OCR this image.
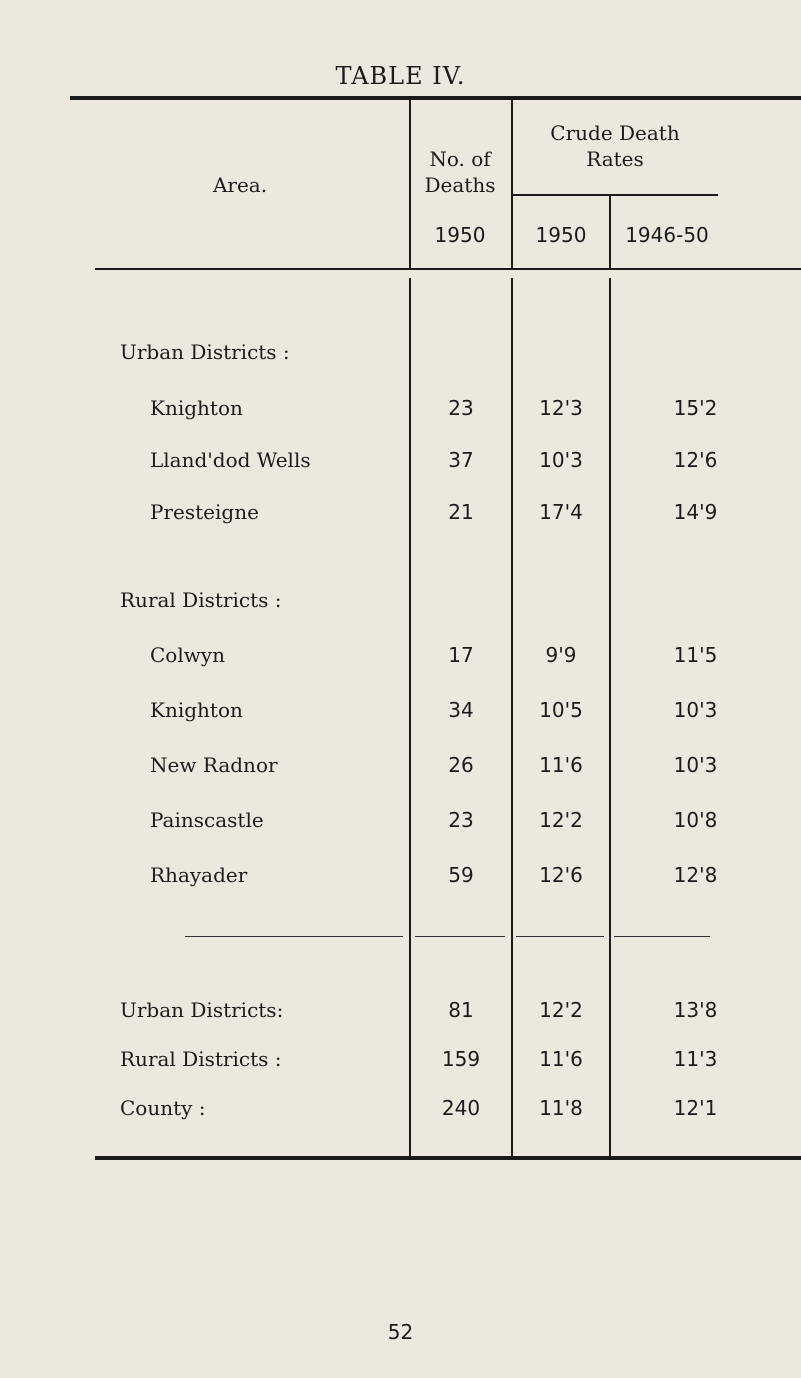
TABLE IV.
Area.
No. of Deaths
1950
Crude Death Rates
1950	1946-50
Urban Districts :
Knighton	23	12'3	15'2
Lland'dod Wells	37	10'3	12'6
Presteigne	21	17'4	14'9
Rural Districts :
Colwyn	17	9'9	11'5
Knighton	34	10'5	10'3
New Radnor	26	11'6	10'3
Painscastle	23	12'2	10'8
Rhayader	59	12'6	12'8
Urban Districts:	81	12'2	13'8
Rural Districts :	159	11'6	11'3
County :	240	11'8	12'1
52
